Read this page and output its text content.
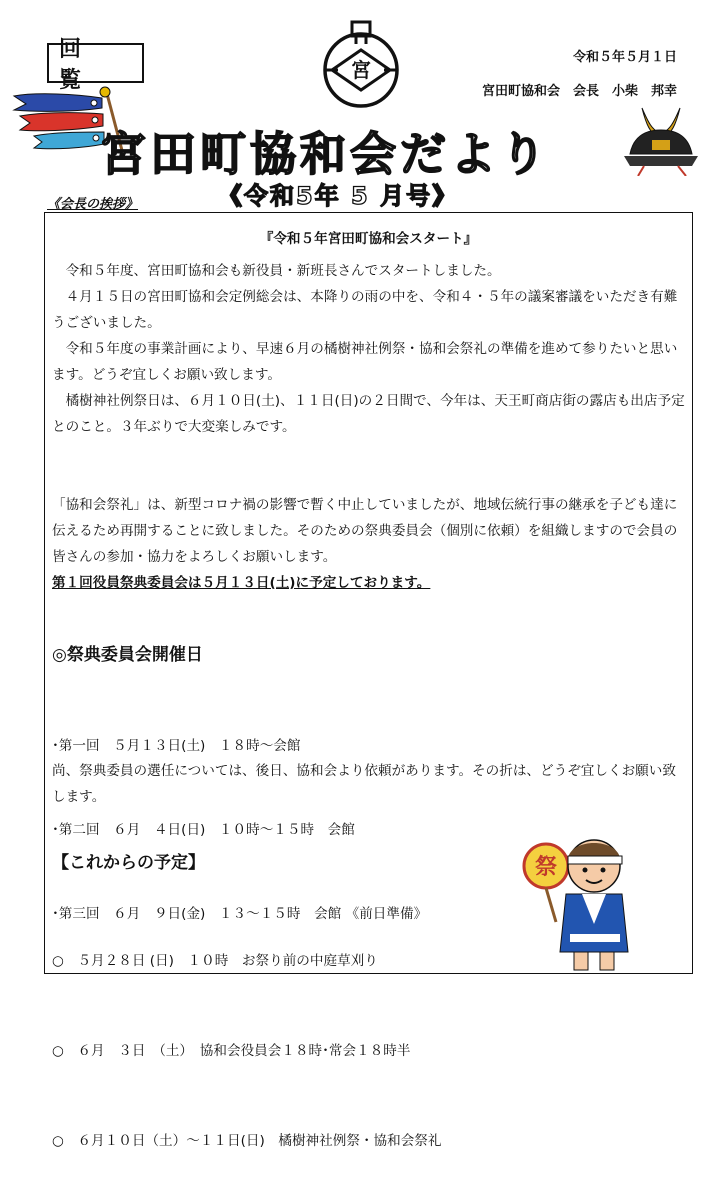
回 覧	宮
令和５年５月１日
宮田町協和会　会長　小柴　邦幸
宮田町協和会だより
《令和5年 5 月号》
《会長の挨拶》
『令和５年宮田町協和会スタート』

令和５年度、宮田町協和会も新役員・新班長さんでスタートしました。

４月１５日の宮田町協和会定例総会は、本降りの雨の中を、令和４・５年の議案審議をいただき有難うございました。

令和５年度の事業計画により、早速６月の橘樹神社例祭・協和会祭礼の準備を進めて参りたいと思います。どうぞ宜しくお願い致します。

橘樹神社例祭日は、６月１０日(土)、１１日(日)の２日間で、今年は、天王町商店街の露店も出店予定とのこと。３年ぶりで大変楽しみです。

「協和会祭礼」は、新型コロナ禍の影響で暫く中止していましたが、地域伝統行事の継承を子ども達に伝えるため再開することに致しました。そのための祭典委員会（個別に依頼）を組織しますので会員の皆さんの参加・協力をよろしくお願いします。

第１回役員祭典委員会は５月１３日(土)に予定しております。

◎祭典委員会開催日

･第一回　５月１３日(土)　１８時～会館

･第二回　６月　４日(日)　１０時～１５時　会館

･第三回　６月　９日(金)　１３～１５時　会館 《前日準備》

尚、祭典委員の選任については、後日、協和会より依頼があります。その折は、どうぞ宜しくお願い致します。

【これからの予定】

○　５月２８日 (日)　１０時　お祭り前の中庭草刈り

○　６月　３日　（土）　協和会役員会１８時･常会１８時半

○　６月１０日（土）～１１日(日)　橘樹神社例祭・協和会祭礼

祭
